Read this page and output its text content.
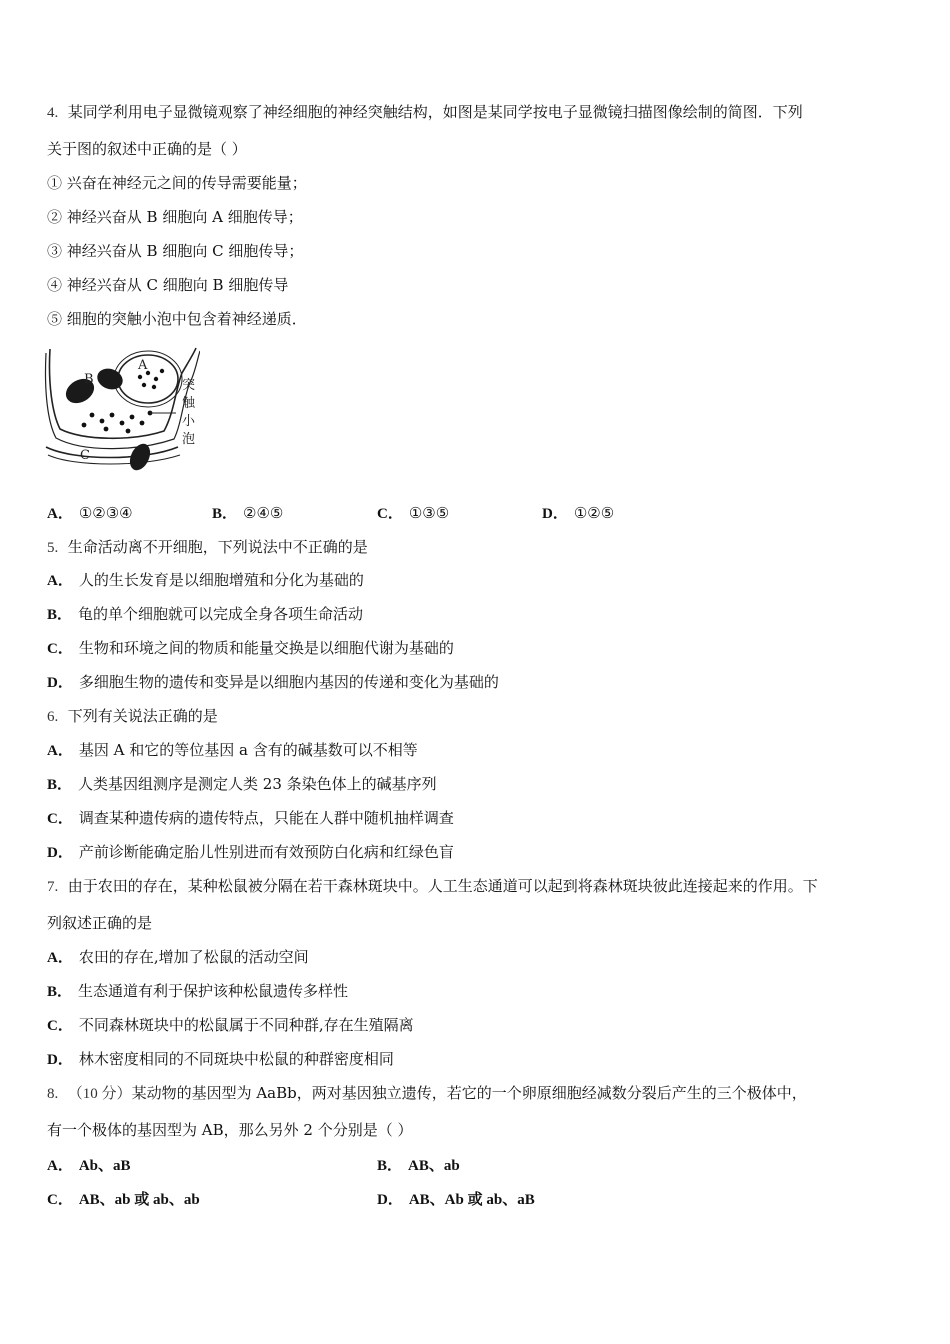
4. 某同学利用电子显微镜观察了神经细胞的神经突触结构，如图是某同学按电子显微镜扫描图像绘制的简图．下列
关于图的叙述中正确的是（ ）
① 兴奋在神经元之间的传导需要能量；
② 神经兴奋从 B 细胞向 A 细胞传导；
③ 神经兴奋从 B 细胞向 C 细胞传导；
④ 神经兴奋从 C 细胞向 B 细胞传导
⑤ 细胞的突触小泡中包含着神经递质．
A
B
C
突
触
小
泡
A． ①②③④	B． ②④⑤	C． ①③⑤	D． ①②⑤
5. 生命活动离不开细胞，下列说法中不正确的是
A． 人的生长发育是以细胞增殖和分化为基础的
B． 龟的单个细胞就可以完成全身各项生命活动
C． 生物和环境之间的物质和能量交换是以细胞代谢为基础的
D． 多细胞生物的遗传和变异是以细胞内基因的传递和变化为基础的
6. 下列有关说法正确的是
A． 基因 A 和它的等位基因 a 含有的碱基数可以不相等
B． 人类基因组测序是测定人类 23 条染色体上的碱基序列
C． 调查某种遗传病的遗传特点，只能在人群中随机抽样调查
D． 产前诊断能确定胎儿性别进而有效预防白化病和红绿色盲
7. 由于农田的存在，某种松鼠被分隔在若干森林斑块中。人工生态通道可以起到将森林斑块彼此连接起来的作用。下
列叙述正确的是
A． 农田的存在,增加了松鼠的活动空间
B． 生态通道有利于保护该种松鼠遗传多样性
C． 不同森林斑块中的松鼠属于不同种群,存在生殖隔离
D． 林木密度相同的不同斑块中松鼠的种群密度相同
8. （10 分）某动物的基因型为 AaBb，两对基因独立遗传，若它的一个卵原细胞经减数分裂后产生的三个极体中，
有一个极体的基因型为 AB，那么另外 2 个分别是（ ）
A． Ab、aB	B． AB、ab
C． AB、ab 或 ab、ab	D． AB、Ab 或 ab、aB
